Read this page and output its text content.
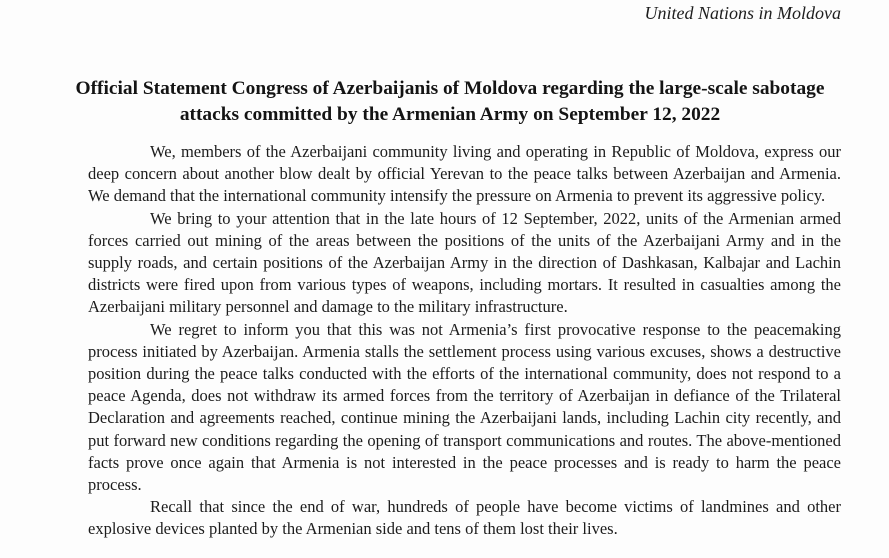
United Nations in Moldova
Official Statement Congress of Azerbaijanis of Moldova regarding the large-scale sabotage attacks committed by the Armenian Army on September 12, 2022

We, members of the Azerbaijani community living and operating in Republic of Moldova, express our deep concern about another blow dealt by official Yerevan to the peace talks between Azerbaijan and Armenia. We demand that the international community intensify the pressure on Armenia to prevent its aggressive policy.

We bring to your attention that in the late hours of 12 September, 2022, units of the Armenian armed forces carried out mining of the areas between the positions of the units of the Azerbaijani Army and in the supply roads, and certain positions of the Azerbaijan Army in the direction of Dashkasan, Kalbajar and Lachin districts were fired upon from various types of weapons, including mortars. It resulted in casualties among the Azerbaijani military personnel and damage to the military infrastructure.

We regret to inform you that this was not Armenia’s first provocative response to the peacemaking process initiated by Azerbaijan. Armenia stalls the settlement process using various excuses, shows a destructive position during the peace talks conducted with the efforts of the international community, does not respond to a peace Agenda, does not withdraw its armed forces from the territory of Azerbaijan in defiance of the Trilateral Declaration and agreements reached, continue mining the Azerbaijani lands, including Lachin city recently, and put forward new conditions regarding the opening of transport communications and routes. The above-mentioned facts prove once again that Armenia is not interested in the peace processes and is ready to harm the peace process.

Recall that since the end of war, hundreds of people have become victims of landmines and other explosive devices planted by the Armenian side and tens of them lost their lives.
